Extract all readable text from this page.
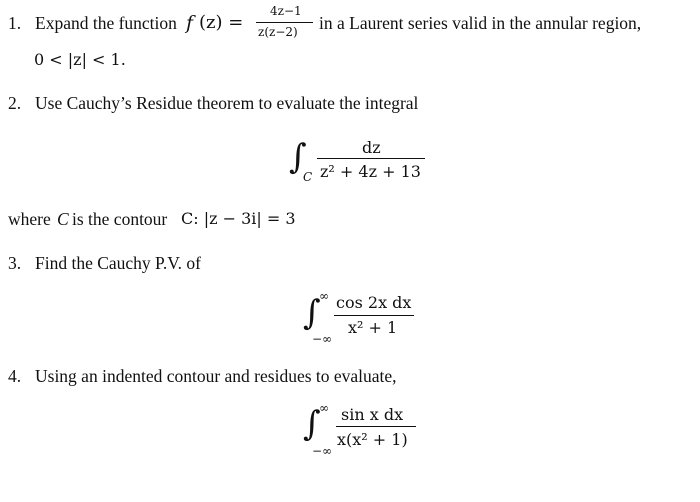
1. Expand the function f (z) =
4z−1
z(z−2) in a Laurent series valid in the annular region,
0 < |z| < 1.
2. Use Cauchy’s Residue theorem to evaluate the integral
∫
C
dz
z² + 4z + 13
where C is the contour C: |z − 3i| = 3
3. Find the Cauchy P.V. of
∫
∞
−∞
cos 2x dx
x² + 1
4. Using an indented contour and residues to evaluate,
∫
∞
−∞
sin x dx
x(x² + 1)
